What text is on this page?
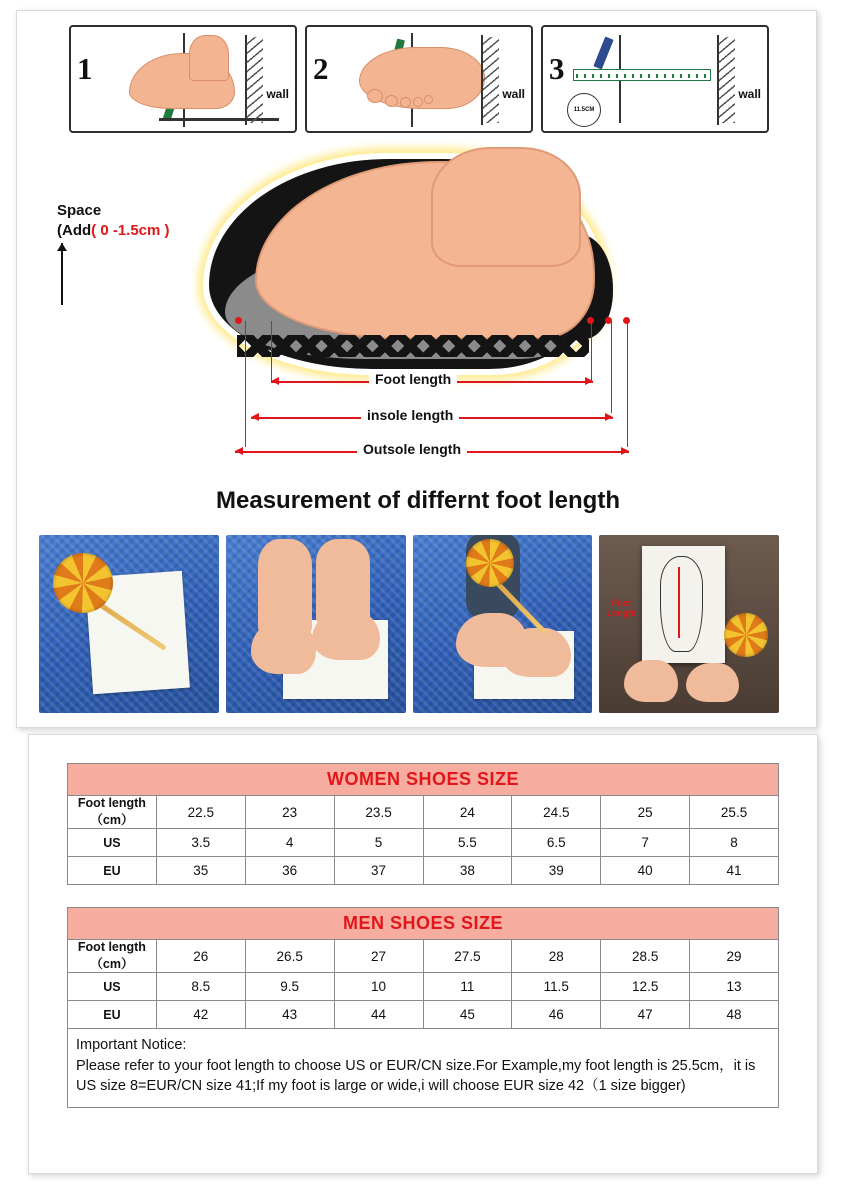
1
wall
2
wall
3
11.5CM
wall
Space
(Add( 0 -1.5cm )
Foot length
insole length
Outsole length
Measurement of differnt foot length
Foot
Length
WOMEN SHOES SIZE							
Foot length（cm）	22.5	23	23.5	24	24.5	25	25.5
US	3.5	4	5	5.5	6.5	7	8
EU	35	36	37	38	39	40	41
MEN SHOES SIZE							
Foot length（cm）	26	26.5	27	27.5	28	28.5	29
US	8.5	9.5	10	11	11.5	12.5	13
EU	42	43	44	45	46	47	48
Important Notice:
Please refer to your foot length to choose US or EUR/CN size.For Example,my foot length is 25.5cm，it is US size 8=EUR/CN size 41;If my foot is large or wide,i will choose EUR size 42（1 size bigger)
